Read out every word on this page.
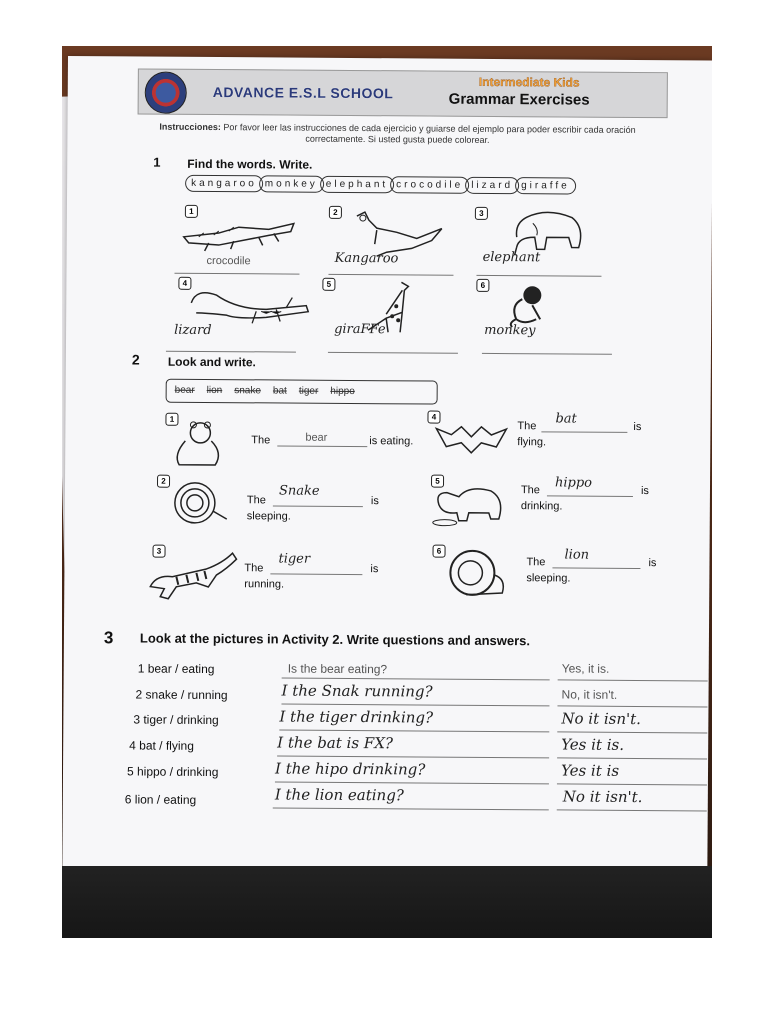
ADVANCE E.S.L SCHOOL
Intermediate Kids
Grammar Exercises
Instrucciones: Por favor leer las instrucciones de cada ejercicio y guiarse del ejemplo para poder escribir cada oración correctamente. Si usted gusta puede colorear.
1 Find the words. Write.
kangaroo monkey elephant crocodile lizard giraffe
1
crocodile
2
Kangaroo
3
elephant
4
lizard
5
giraFFe
6
monkey
2 Look and write.
bear lion snake bat tiger hippo
1
The	bear	is eating.
4
The bat
is
flying.
2
The
Snake
is
sleeping.
5
The hippo
is
drinking.
3
The
tiger
is
running.
6
The lion
is
sleeping.
3 Look at the pictures in Activity 2. Write questions and answers.
1 bear / eating	Is the bear eating?	Yes, it is.
2 snake / running	I the Snak running?	No, it isn't.
3 tiger / drinking	I the tiger drinking?	No it isn't.
4 bat / flying	I the bat is FX?	Yes it is.
5 hippo / drinking	I the hipo drinking?	Yes it is
6 lion / eating	I the lion eating?	No it isn't.
